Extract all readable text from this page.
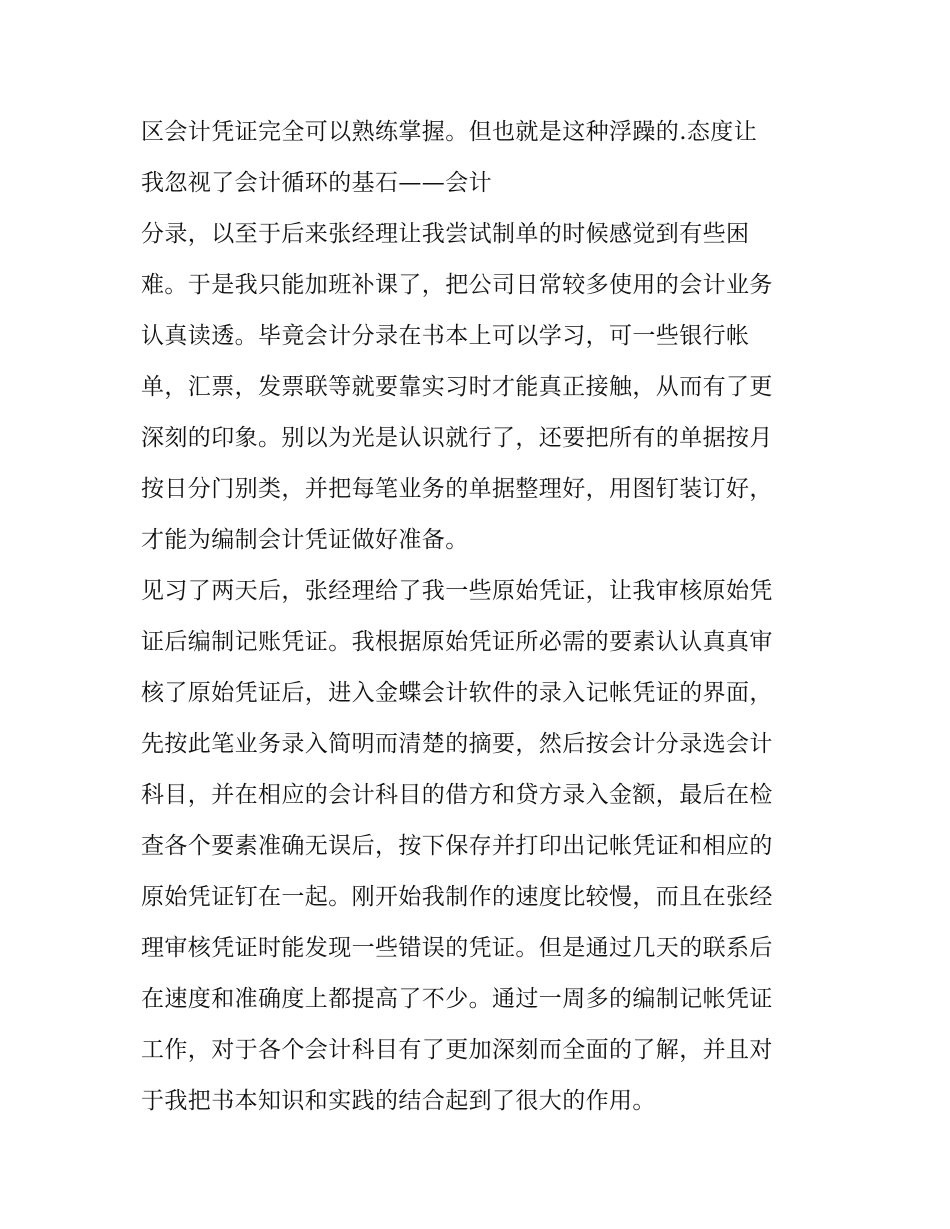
区会计凭证完全可以熟练掌握。但也就是这种浮躁的.态度让
我忽视了会计循环的基石——会计
分录，以至于后来张经理让我尝试制单的时候感觉到有些困
难。于是我只能加班补课了，把公司日常较多使用的会计业务
认真读透。毕竟会计分录在书本上可以学习，可一些银行帐
单，汇票，发票联等就要靠实习时才能真正接触，从而有了更
深刻的印象。别以为光是认识就行了，还要把所有的单据按月
按日分门别类，并把每笔业务的单据整理好，用图钉装订好，
才能为编制会计凭证做好准备。
见习了两天后，张经理给了我一些原始凭证，让我审核原始凭
证后编制记账凭证。我根据原始凭证所必需的要素认认真真审
核了原始凭证后，进入金蝶会计软件的录入记帐凭证的界面，
先按此笔业务录入简明而清楚的摘要，然后按会计分录选会计
科目，并在相应的会计科目的借方和贷方录入金额，最后在检
查各个要素准确无误后，按下保存并打印出记帐凭证和相应的
原始凭证钉在一起。刚开始我制作的速度比较慢，而且在张经
理审核凭证时能发现一些错误的凭证。但是通过几天的联系后
在速度和准确度上都提高了不少。通过一周多的编制记帐凭证
工作，对于各个会计科目有了更加深刻而全面的了解，并且对
于我把书本知识和实践的结合起到了很大的作用。
